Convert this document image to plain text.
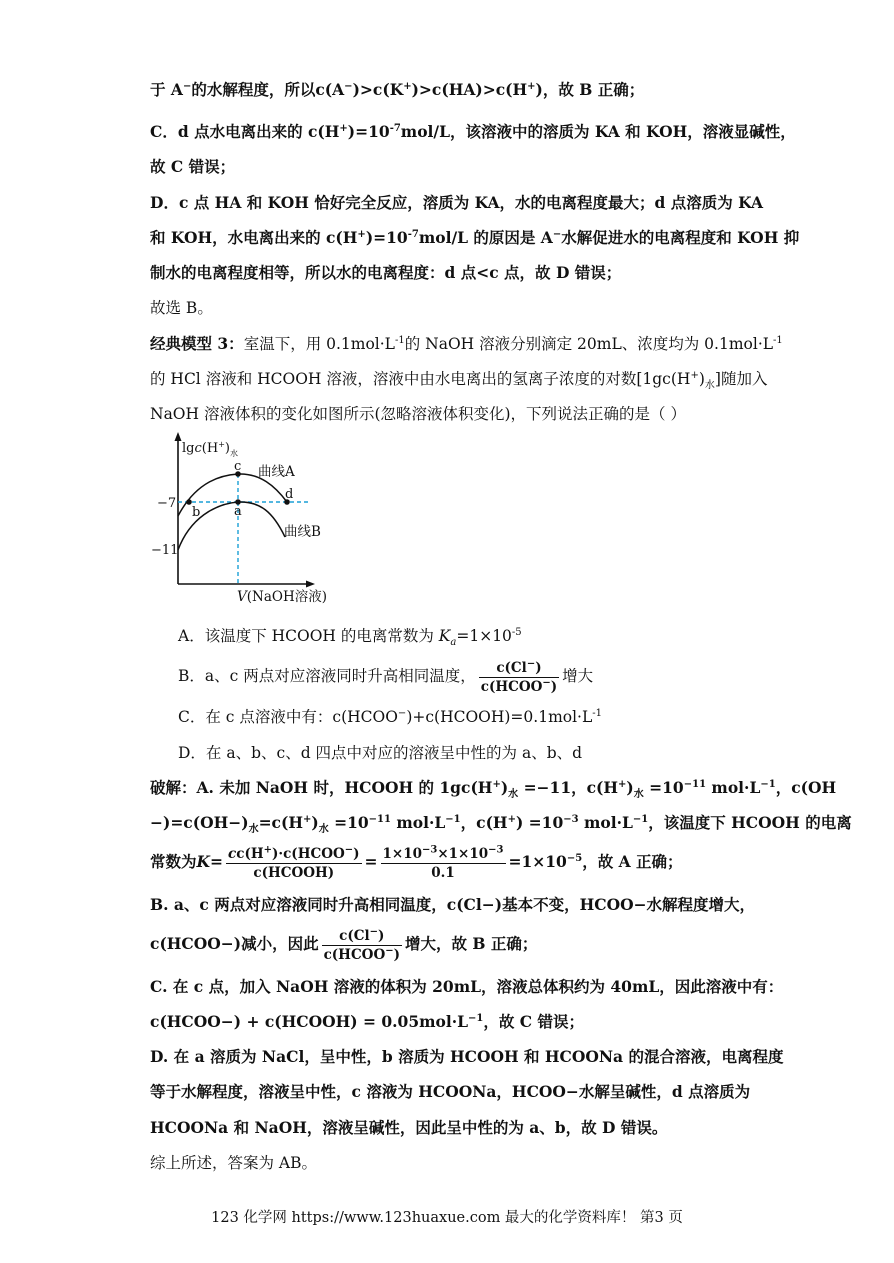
于 A−的水解程度，所以c(A−)>c(K+)>c(HA)>c(H+)，故 B 正确；
C．d 点水电离出来的 $c(H^+)=10^{-7}mol/L$，该溶液中的溶质为 KA 和 KOH，溶液显碱性，
故 C 错误；
D．c 点 HA 和 KOH 恰好完全反应，溶质为 KA，水的电离程度最大；d 点溶质为 KA
和 KOH，水电离出来的 $c(H^+)=10^{-7}mol/L$ 的原因是 A−水解促进水的电离程度和 KOH 抑
制水的电离程度相等，所以水的电离程度：d 点<c 点，故 D 错误；
故选 B。
经典模型 3：室温下，用 $0.1mol\cdot L^{-1}$的 NaOH 溶液分别滴定 20mL、浓度均为 $0.1mol\cdot L^{-1}$
的 HCl 溶液和 HCOOH 溶液，溶液中由水电离出的氢离子浓度的对数$[1gc(H^+)_水]$随加入
NaOH 溶液体积的变化如图所示(忽略溶液体积变化)，下列说法正确的是（ ）
$\lg c(H^+)_水$
−7
−11
c
a
b
d
曲线A
曲线B
V(NaOH溶液)
A．该温度下 HCOOH 的电离常数为 $K_a=1\times 10^{-5}$
B．a、c 两点对应溶液同时升高相同温度， $\frac{c(Cl^-)}{c(HCOO^-)}$ 增大
C．在 c 点溶液中有：$c(HCOO^-)+c(HCOOH)=0.1mol\cdot L^{-1}$
D．在 a、b、c、d 四点中对应的溶液呈中性的为 a、b、d
破解：A. 未加 NaOH 时，HCOOH 的 $1gc(H^+)_水 =-11$，$c(H^+)_水 =10^{-11}$ $mol\cdot L^{-1}$，c(OH
$-)=c(OH-)_水=c(H^+)_水 =10^{-11}$ $mol\cdot L^{-1}$，$c(H^+) =10^{-3}$ $mol\cdot L^{-1}$，该温度下 HCOOH 的电离
常数为$K= \frac{cc(H^+)\cdot c(HCOO^-)}{\text{c(HCOOH)}} = \frac{1\times 10^{-3}\times 1\times 10^{-3}}{0.1} =1\times 10^{-5}$，故 A 正确；
B. a、c 两点对应溶液同时升高相同温度，c(Cl−)基本不变，HCOO−水解程度增大，
c(HCOO−)减小，因此 $\frac{c(Cl^-)}{c(HCOO^-)}$ 增大，故 B 正确；
C. 在 c 点，加入 NaOH 溶液的体积为 20mL，溶液总体积约为 40mL，因此溶液中有：
c(HCOO−) + c(HCOOH) = $0.05mol\cdot L^{-1}$，故 C 错误；
D. 在 a 溶质为 NaCl，呈中性，b 溶质为 HCOOH 和 HCOONa 的混合溶液，电离程度
等于水解程度，溶液呈中性，c 溶液为 HCOONa，HCOO−水解呈碱性，d 点溶质为
HCOONa 和 NaOH，溶液呈碱性，因此呈中性的为 a、b，故 D 错误。
综上所述，答案为 AB。
123 化学网 https://www.123huaxue.com 最大的化学资料库！ 第3 页
